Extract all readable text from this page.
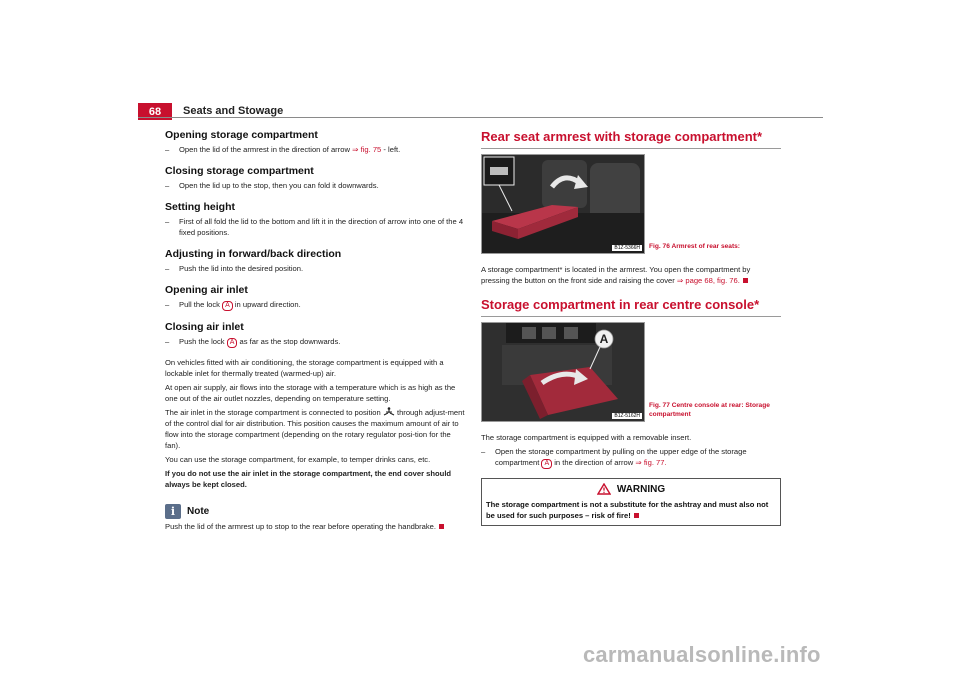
68	Seats and Stowage
Opening storage compartment
– Open the lid of the armrest in the direction of arrow ⇒ fig. 75 - left.
Closing storage compartment
– Open the lid up to the stop, then you can fold it downwards.
Setting height
– First of all fold the lid to the bottom and lift it in the direction of arrow into one of the 4 fixed positions.
Adjusting in forward/back direction
– Push the lid into the desired position.
Opening air inlet
– Pull the lock A in upward direction.
Closing air inlet
– Push the lock A as far as the stop downwards.

On vehicles fitted with air conditioning, the storage compartment is equipped with a lockable inlet for thermally treated (warmed-up) air.

At open air supply, air flows into the storage with a temperature which is as high as the one out of the air outlet nozzles, depending on temperature setting.

The air inlet in the storage compartment is connected to position through adjust-ment of the control dial for air distribution. This position causes the maximum amount of air to flow into the storage compartment (depending on the rotary regulator posi-tion for the fan).

You can use the storage compartment, for example, to temper drinks cans, etc.

If you do not use the air inlet in the storage compartment, the end cover should always be kept closed.

i	Note

Push the lid of the armrest up to stop to the rear before operating the handbrake.

Rear seat armrest with storage compartment*
B1Z-5366H	Fig. 76 Armrest of rear seats:

A storage compartment* is located in the armrest. You open the compartment by pressing the button on the front side and raising the cover ⇒ page 68, fig. 76.

Storage compartment in rear centre console*
A
B1Z-5162H
Fig. 77 Centre console at rear: Storage compartment

The storage compartment is equipped with a removable insert.

– Open the storage compartment by pulling on the upper edge of the storage compartment A in the direction of arrow ⇒ fig. 77.
WARNING

The storage compartment is not a substitute for the ashtray and must also not be used for such purposes – risk of fire!

carmanualsonline.info
